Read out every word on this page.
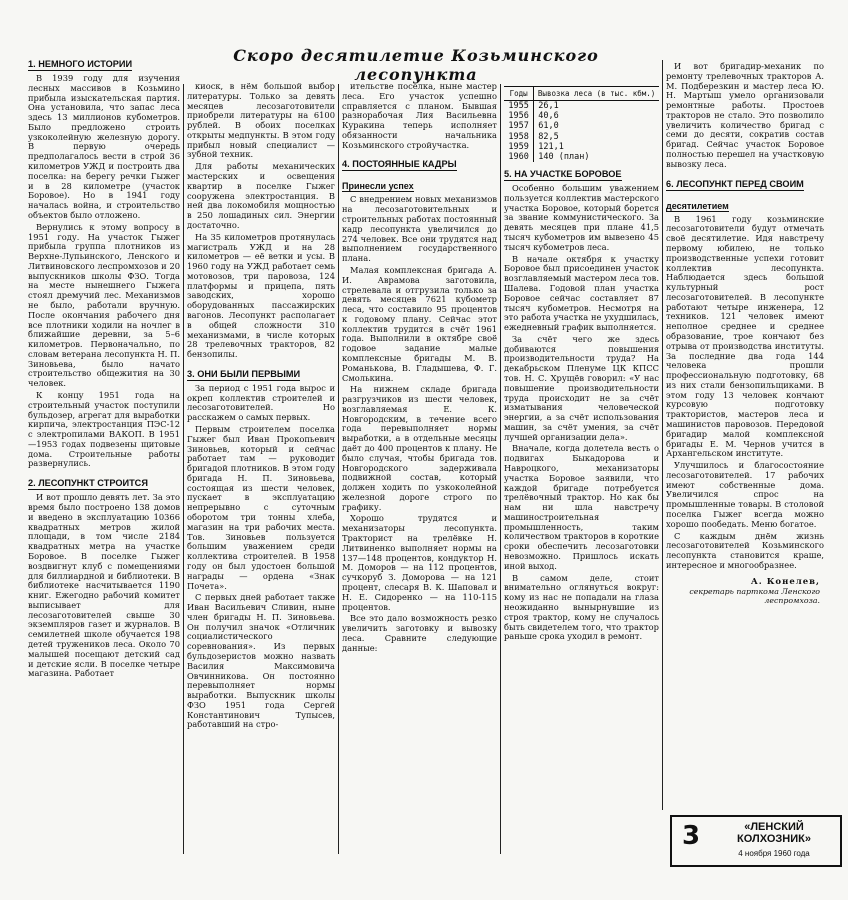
Скоро десятилетие Козьминского лесопункта
1. НЕМНОГО ИСТОРИИ

В 1939 году для изучения лесных массивов в Козьмино прибыла изыскательская партия. Она установила, что запас леса здесь 13 миллионов кубометров. Было предложено строить узкоколейную железную дорогу. В первую очередь предполагалось вести в строй 36 километров УЖД и построить два поселка: на берегу речки Гыжег и в 28 километре (участок Боровое). Но в 1941 году началась война, и строительство объектов было отложено.

Вернулись к этому вопросу в 1951 году. На участок Гыжег прибыла группа плотников из Верхне-Лупьинского, Ленского и Литвиновского леспромхозов и 20 выпускников школы ФЗО. Тогда на месте нынешнего Гыжега стоял дремучий лес. Механизмов не было, работали вручную. После окончания рабочего дня все плотники ходили на ночлег в ближайшие деревни, за 5–6 километров. Первоначально, по словам ветерана лесопункта Н. П. Зиновьева, было начато строительство общежития на 30 человек.

К концу 1951 года на строительный участок поступили бульдозер, агрегат для выработки кирпича, электростанция ПЭС-12 с электропилами ВАКОП. В 1951—1953 годах подвезены щитовые дома. Строительные работы развернулись.

2. ЛЕСОПУНКТ СТРОИТСЯ

И вот прошло девять лет. За это время было построено 138 домов и введено в эксплуатацию 10366 квадратных метров жилой площади, в том числе 2184 квадратных метра на участке Боровое. В поселке Гыжег воздвигнут клуб с помещениями для биллиардной и библиотеки. В библиотеке насчитывается 1190 книг. Ежегодно рабочий комитет выписывает для лесозаготовителей свыше 30 экземпляров газет и журналов. В семилетней школе обучается 198 детей тружеников леса. Около 70 малышей посещают детский сад и детские ясли. В поселке четыре магазина. Работает

киоск, в нём большой выбор литературы. Только за девять месяцев лесозаготовители приобрели литературы на 6100 рублей. В обоих поселках открыты медпункты. В этом году прибыл новый специалист — зубной техник.

Для работы механических мастерских и освещения квартир в поселке Гыжег сооружена электростанция. В ней два локомобиля мощностью в 250 лошадиных сил. Энергии достаточно.

На 35 километров протянулась магистраль УЖД и на 28 километров — её ветки и усы. В 1960 году на УЖД работает семь мотовозов, три паровоза, 124 платформы и прицепа, пять заводских, хорошо оборудованных пассажирских вагонов. Лесопункт располагает в общей сложности 310 механизмами, в числе которых 28 трелевочных тракторов, 82 бензопилы.

3. ОНИ БЫЛИ ПЕРВЫМИ

За период с 1951 года вырос и окреп коллектив строителей и лесозаготовителей. Но расскажем о самых первых.

Первым строителем поселка Гыжег был Иван Прокопьевич Зиновьев, который и сейчас работает там — руководит бригадой плотников. В этом году бригада Н. П. Зиновьева, состоящая из шести человек, пускает в эксплуатацию непрерывно с суточным оборотом три тонны хлеба, магазин на три рабочих места. Тов. Зиновьев пользуется большим уважением среди коллектива строителей. В 1958 году он был удостоен большой награды — ордена «Знак Почета».

С первых дней работает также Иван Васильевич Сливин, ныне член бригады Н. П. Зиновьева. Он получил значок «Отличник социалистического соревнования». Из первых бульдозеристов можно назвать Василия Максимовича Овчинникова. Он постоянно перевыполняет нормы выработки. Выпускник школы ФЗО 1951 года Сергей Константинович Тупысев, работавший на стро-

ительстве поселка, ныне мастер леса. Его участок успешно справляется с планом. Бывшая разнорабочая Лия Васильевна Куракина теперь исполняет обязанности начальника Козьминского стройучастка.

4. ПОСТОЯННЫЕ КАДРЫ
Принесли успех

С внедрением новых механизмов на лесозаготовительных и строительных работах постоянный кадр лесопункта увеличился до 274 человек. Все они трудятся над выполнением государственного плана.

Малая комплексная бригада А. И. Аврамова заготовила, стрелевала и отгрузила только за девять месяцев 7621 кубометр леса, что составило 95 процентов к годовому плану. Сейчас этот коллектив трудится в счёт 1961 года. Выполнили в октябре своё годовое задание малые комплексные бригады М. В. Романькова, В. Гладышева, Ф. Г. Смолькина.

На нижнем складе бригада разгрузчиков из шести человек, возглавляемая Е. К. Новгородским, в течение всего года перевыполняет нормы выработки, а в отдельные месяцы даёт до 400 процентов к плану. Не было случая, чтобы бригада тов. Новгородского задерживала подвижной состав, который должен ходить по узкоколейной железной дороге строго по графику.

Хорошо трудятся и механизаторы лесопункта. Тракторист на трелёвке Н. Литвиненко выполняет нормы на 137—148 процентов, кондуктор Н. М. Доморов — на 112 процентов, сучкоруб З. Доморова — на 121 процент, слесаря В. К. Шаповал и Н. Е. Сидоренко — на 110-115 процентов.

Все это дало возможность резко увеличить заготовку и вывозку леса. Сравните следующие данные:

Годы	Вывозка леса (в тыс. кбм.)
1955	26,1
1956	40,6
1957	61,0
1958	82,5
1959	121,1
1960	140 (план)
5. НА УЧАСТКЕ БОРОВОЕ

Особенно большим уважением пользуется коллектив мастерского участка Боровое, который борется за звание коммунистического. За девять месяцев при плане 41,5 тысяч кубометров им вывезено 45 тысяч кубометров леса.

В начале октября к участку Боровое был присоединен участок возглавляемый мастером леса тов. Шалева. Годовой план участка Боровое сейчас составляет 87 тысяч кубометров. Несмотря на это работа участка не ухудшилась, ежедневный график выполняется.

За счёт чего же здесь добиваются повышения производительности труда? На декабрьском Пленуме ЦК КПСС тов. Н. С. Хрущёв говорил: «У нас повышение производительности труда происходит не за счёт изматывания человеческой энергии, а за счёт использования машин, за счёт умения, за счёт лучшей организации дела».

Вначале, когда долетела весть о подвигах Быкадорова и Навроцкого, механизаторы участка Боровое заявили, что каждой бригаде потребуется трелёвочный трактор. Но как бы нам ни шла навстречу машиностроительная промышленность, таким количеством тракторов в короткие сроки обеспечить лесозаготовки невозможно. Пришлось искать иной выход.

В самом деле, стоит внимательно оглянуться вокруг: кому из нас не попадали на глаза неожиданно вынырнувшие из строя трактор, кому не случалось быть свидетелем того, что трактор раньше срока уходил в ремонт.

И вот бригадир-механик по ремонту трелевочных тракторов А. М. Подберезкин и мастер леса Ю. Н. Мартыш умело организовали ремонтные работы. Простоев тракторов не стало. Это позволило увеличить количество бригад с семи до десяти, сократив состав бригад. Сейчас участок Боровое полностью перешел на участковую вывозку леса.

6. ЛЕСОПУНКТ ПЕРЕД СВОИМ
десятилетием

В 1961 году козьминские лесозаготовители будут отмечать своё десятилетие. Идя навстречу первому юбилею, не только производственные успехи готовит коллектив лесопункта. Наблюдается здесь большой культурный рост лесозаготовителей. В лесопункте работают четыре инженера, 12 техников. 121 человек имеют неполное среднее и среднее образование, трое кончают без отрыва от производства институты. За последние два года 144 человека прошли профессиональную подготовку, 68 из них стали бензопильщиками. В этом году 13 человек кончают курсовую подготовку трактористов, мастеров леса и машинистов паровозов. Передовой бригадир малой комплексной бригады Е. М. Чернов учится в Архангельском институте.

Улучшилось и благосостояние лесозаготовителей. 17 рабочих имеют собственные дома. Увеличился спрос на промышленные товары. В столовой поселка Гыжег всегда можно хорошо пообедать. Меню богатое.

С каждым днём жизнь лесозаготовителей Козьминского лесопункта становится краше, интересное и многообразнее.

А. Конелев,
секретарь парткома Ленского леспромхоза.
3	«ЛЕНСКИЙ КОЛХОЗНИК»
4 ноября 1960 года
